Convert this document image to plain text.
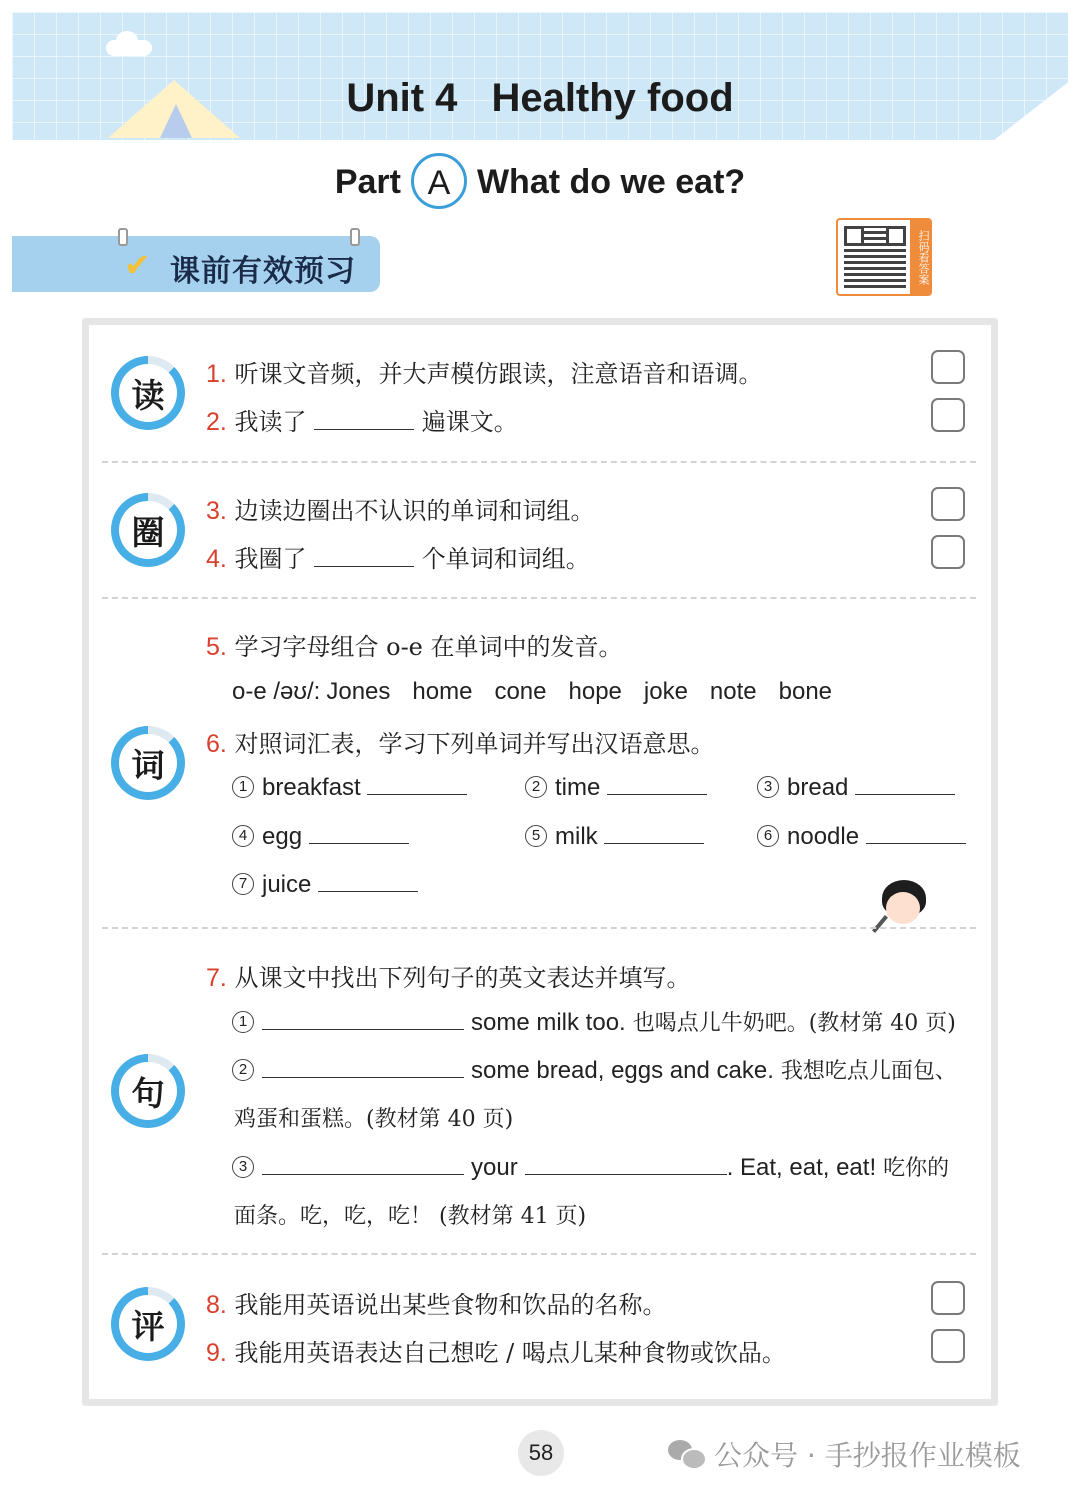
Unit 4 Healthy food
Part A What do we eat?
✔ 课前有效预习	扫码看答案
读
1. 听课文音频，并大声模仿跟读，注意语音和语调。
2. 我读了	遍课文。
圈
3. 边读边圈出不认识的单词和词组。
4. 我圈了	个单词和词组。
词
5. 学习字母组合 o-e 在单词中的发音。
o-e /əʊ/: Jones home cone hope joke note bone
6. 对照词汇表，学习下列单词并写出汉语意思。
1 breakfast	2 time	3 bread
4 egg	5 milk	6 noodle
7 juice
句
7. 从课文中找出下列句子的英文表达并填写。
1	some milk too. 也喝点儿牛奶吧。(教材第 40 页)
2	some bread, eggs and cake. 我想吃点儿面包、
鸡蛋和蛋糕。(教材第 40 页)
3	your	. Eat, eat, eat! 吃你的
面条。吃，吃，吃！ (教材第 41 页)
评
8. 我能用英语说出某些食物和饮品的名称。
9. 我能用英语表达自己想吃 / 喝点儿某种食物或饮品。
58	公众号 · 手抄报作业模板
